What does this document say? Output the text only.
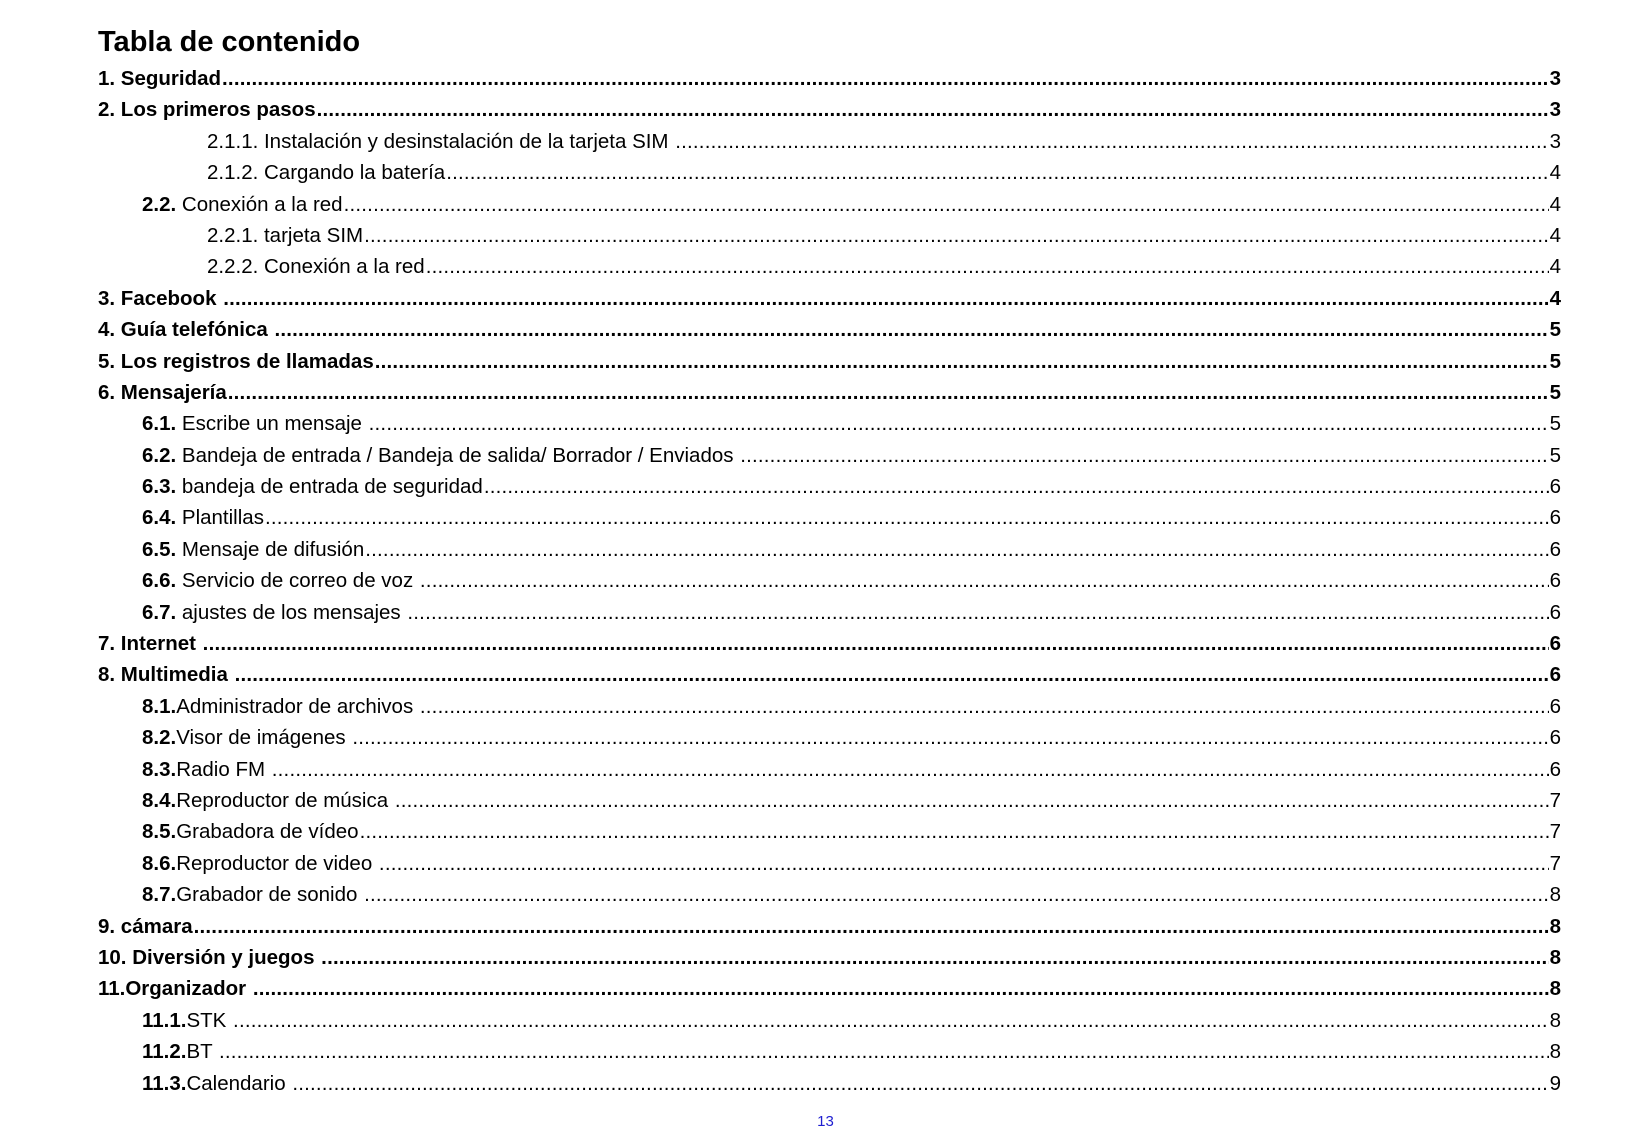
Tabla de contenido
1. Seguridad .....	3
2. Los primeros pasos .....	3
2.1.1. Instalación y desinstalación de la tarjeta SIM .....	3
2.1.2. Cargando la batería .....	4
2.2. Conexión a la red .....	4
2.2.1. tarjeta SIM .....	4
2.2.2. Conexión a la red .....	4
3. Facebook .....	4
4. Guía telefónica .....	5
5. Los registros de llamadas .....	5
6. Mensajería .....	5
6.1. Escribe un mensaje .....	5
6.2. Bandeja de entrada / Bandeja de salida/ Borrador / Enviados .....	5
6.3. bandeja de entrada de seguridad .....	6
6.4. Plantillas .....	6
6.5. Mensaje de difusión .....	6
6.6. Servicio de correo de voz .....	6
6.7. ajustes de los mensajes .....	6
7. Internet .....	6
8. Multimedia .....	6
8.1.Administrador de archivos .....	6
8.2.Visor de imágenes .....	6
8.3.Radio FM .....	6
8.4.Reproductor de música .....	7
8.5.Grabadora de vídeo .....	7
8.6.Reproductor de video .....	7
8.7.Grabador de sonido .....	8
9. cámara .....	8
10. Diversión y juegos .....	8
11.Organizador .....	8
11.1.STK .....	8
11.2.BT .....	8
11.3.Calendario .....	9
13
